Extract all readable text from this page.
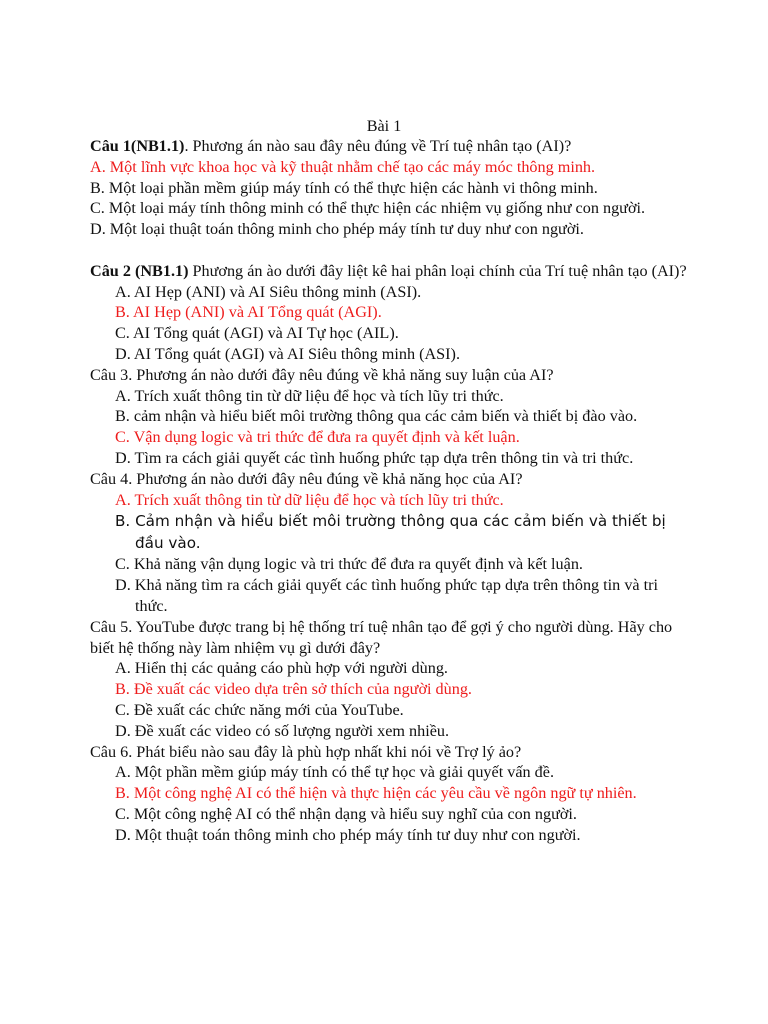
Bài 1

Câu 1(NB1.1). Phương án nào sau đây nêu đúng về Trí tuệ nhân tạo (AI)?

A. Một lĩnh vực khoa học và kỹ thuật nhằm chế tạo các máy móc thông minh.

B. Một loại phần mềm giúp máy tính có thể thực hiện các hành vi thông minh.

C. Một loại máy tính thông minh có thể thực hiện các nhiệm vụ giống như con người.

D. Một loại thuật toán thông minh cho phép máy tính tư duy như con người.

Câu 2 (NB1.1) Phương án ào dưới đây liệt kê hai phân loại chính của Trí tuệ nhân tạo (AI)?

A. AI Hẹp (ANI) và AI Siêu thông minh (ASI).

B. AI Hẹp (ANI) và AI Tổng quát (AGI).

C. AI Tổng quát (AGI) và AI Tự học (AIL).

D. AI Tổng quát (AGI) và AI Siêu thông minh (ASI).

Câu 3. Phương án nào dưới đây nêu đúng về khả năng suy luận của AI?

A. Trích xuất thông tin từ dữ liệu để học và tích lũy tri thức.

B. cảm nhận và hiểu biết môi trường thông qua các cảm biến và thiết bị đào vào.

C. Vận dụng logic và tri thức để đưa ra quyết định và kết luận.

D. Tìm ra cách giải quyết các tình huống phức tạp dựa trên thông tin và tri thức.

Câu 4. Phương án nào dưới đây nêu đúng về khả năng học của AI?

A. Trích xuất thông tin từ dữ liệu để học và tích lũy tri thức.

B. Cảm nhận và hiểu biết môi trường thông qua các cảm biến và thiết bị đầu vào.

C. Khả năng vận dụng logic và tri thức để đưa ra quyết định và kết luận.

D. Khả năng tìm ra cách giải quyết các tình huống phức tạp dựa trên thông tin và tri thức.

Câu 5. YouTube được trang bị hệ thống trí tuệ nhân tạo để gợi ý cho người dùng. Hãy cho biết hệ thống này làm nhiệm vụ gì dưới đây?

A. Hiển thị các quảng cáo phù hợp với người dùng.

B. Đề xuất các video dựa trên sở thích của người dùng.

C. Đề xuất các chức năng mới của YouTube.

D. Đề xuất các video có số lượng người xem nhiều.

Câu 6. Phát biểu nào sau đây là phù hợp nhất khi nói về Trợ lý ảo?

A. Một phần mềm giúp máy tính có thể tự học và giải quyết vấn đề.

B. Một công nghệ AI có thể hiện và thực hiện các yêu cầu về ngôn ngữ tự nhiên.

C. Một công nghệ AI có thể nhận dạng và hiểu suy nghĩ của con người.

D. Một thuật toán thông minh cho phép máy tính tư duy như con người.
